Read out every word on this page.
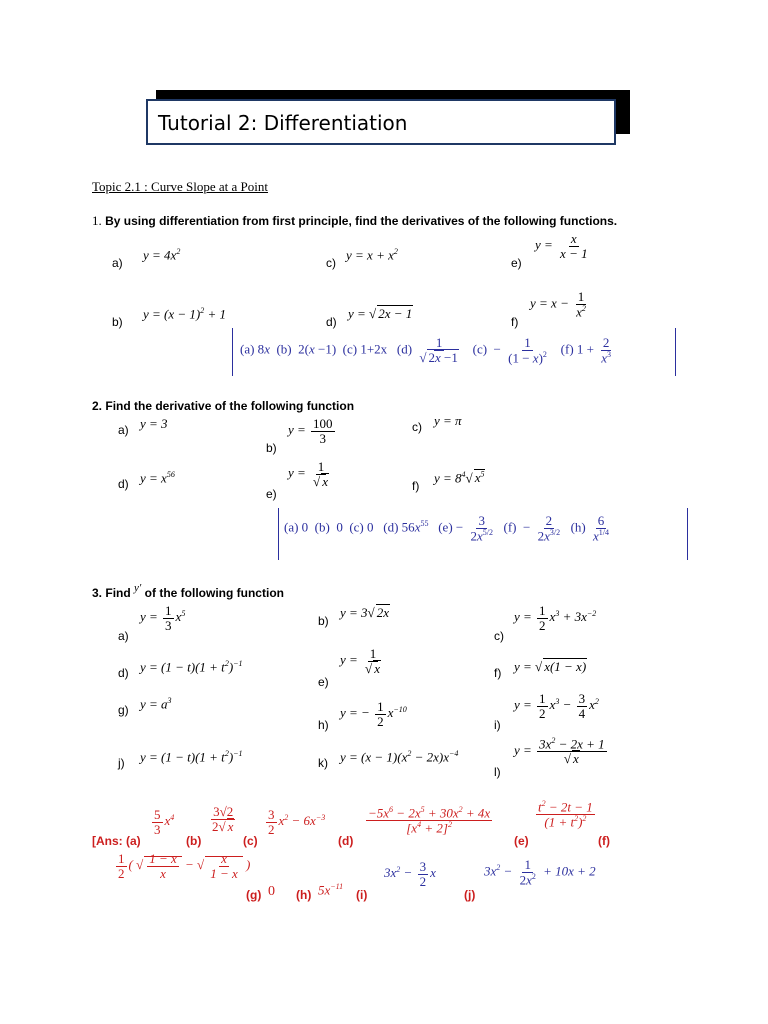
Tutorial 2: Differentiation
Topic 2.1 : Curve Slope at a Point
1. By using differentiation from first principle, find the derivatives of the following functions.
a)
$y = 4x^2$
c)
$y = x + x^2$
e)
$y = \frac{x}{x - 1}$
b)
$y = (x - 1)^2 + 1$
d)
y = √ 2x − 1
f)
$y = x - \frac{1}{x^2}$
(a) 8x  (b)  2(x −1)  (c) 1+2x   $(d) \frac{1}{√ 2x -1} (c) - \frac{1}{(1 - x)^2} (f) 1 + \frac{2}{x^3}$
2. Find the derivative of the following function
a) y = 3
b)
$y = \frac{100}{3}$	c) y = π
d) $y = x^{56}$
e)
$y = \frac{1}{√ x}$	f)
$y = 8^4√$ $x^5$
(a) 0  (b)  0  (c) 0   (d) $56x^{55}$   $(e) - \frac{3}{2x^{5/2}} (f) - \frac{2}{2x^{3/2}} (h) \frac{6}{x^{1/4}}$
3. Find y′ of the following function
a)
$y = \frac{1}{3} x^5$
b)
y = 3√ 2x
c)
$y = \frac{1}{2} x^3 + 3x^{-2}$
d) $y = (1 - t)(1 + t^2)^{-1}$
e)
$y = \frac{1}{√ x}$	f) y = √ x(1 − x)
g) $y = a^3$
h)
y = − $\frac{1}{2} x^{-10}$
i)
$y = \frac{1}{2} x^3 - \frac{3}{4} x^2$
j) $y = (1 - t)(1 + t^2)^{-1}$
k) $y = (x - 1)(x^2 - 2x)x^{-4}$
l)
$y = \frac{3x^2 - 2x + 1}{√ x}$
[Ans: (a)
$\frac{5}{3} x^4$
(b)
$\frac{3√2}{2√ x}$
(c)
$\frac{3}{2} x^2 - 6x^{-3}$
(d)
$\frac{-5x^6 - 2x^5 + 30x^2 + 4x}{[x^4 + 2]^2}$
(e)
$\frac{t^2 - 2t - 1}{(1 + t^2)^2}$
(f)
$\frac{1}{2}$ ( √ $\frac{1 - x}{x}$ − √ $\frac{x}{1 - x}$ )
(g) 0 (h) $5x^{-11}$
(i)
$3x^2 - \frac{3}{2}$ x
(j)
$3x^2 - \frac{1}{2x^2} + 10x + 2$
